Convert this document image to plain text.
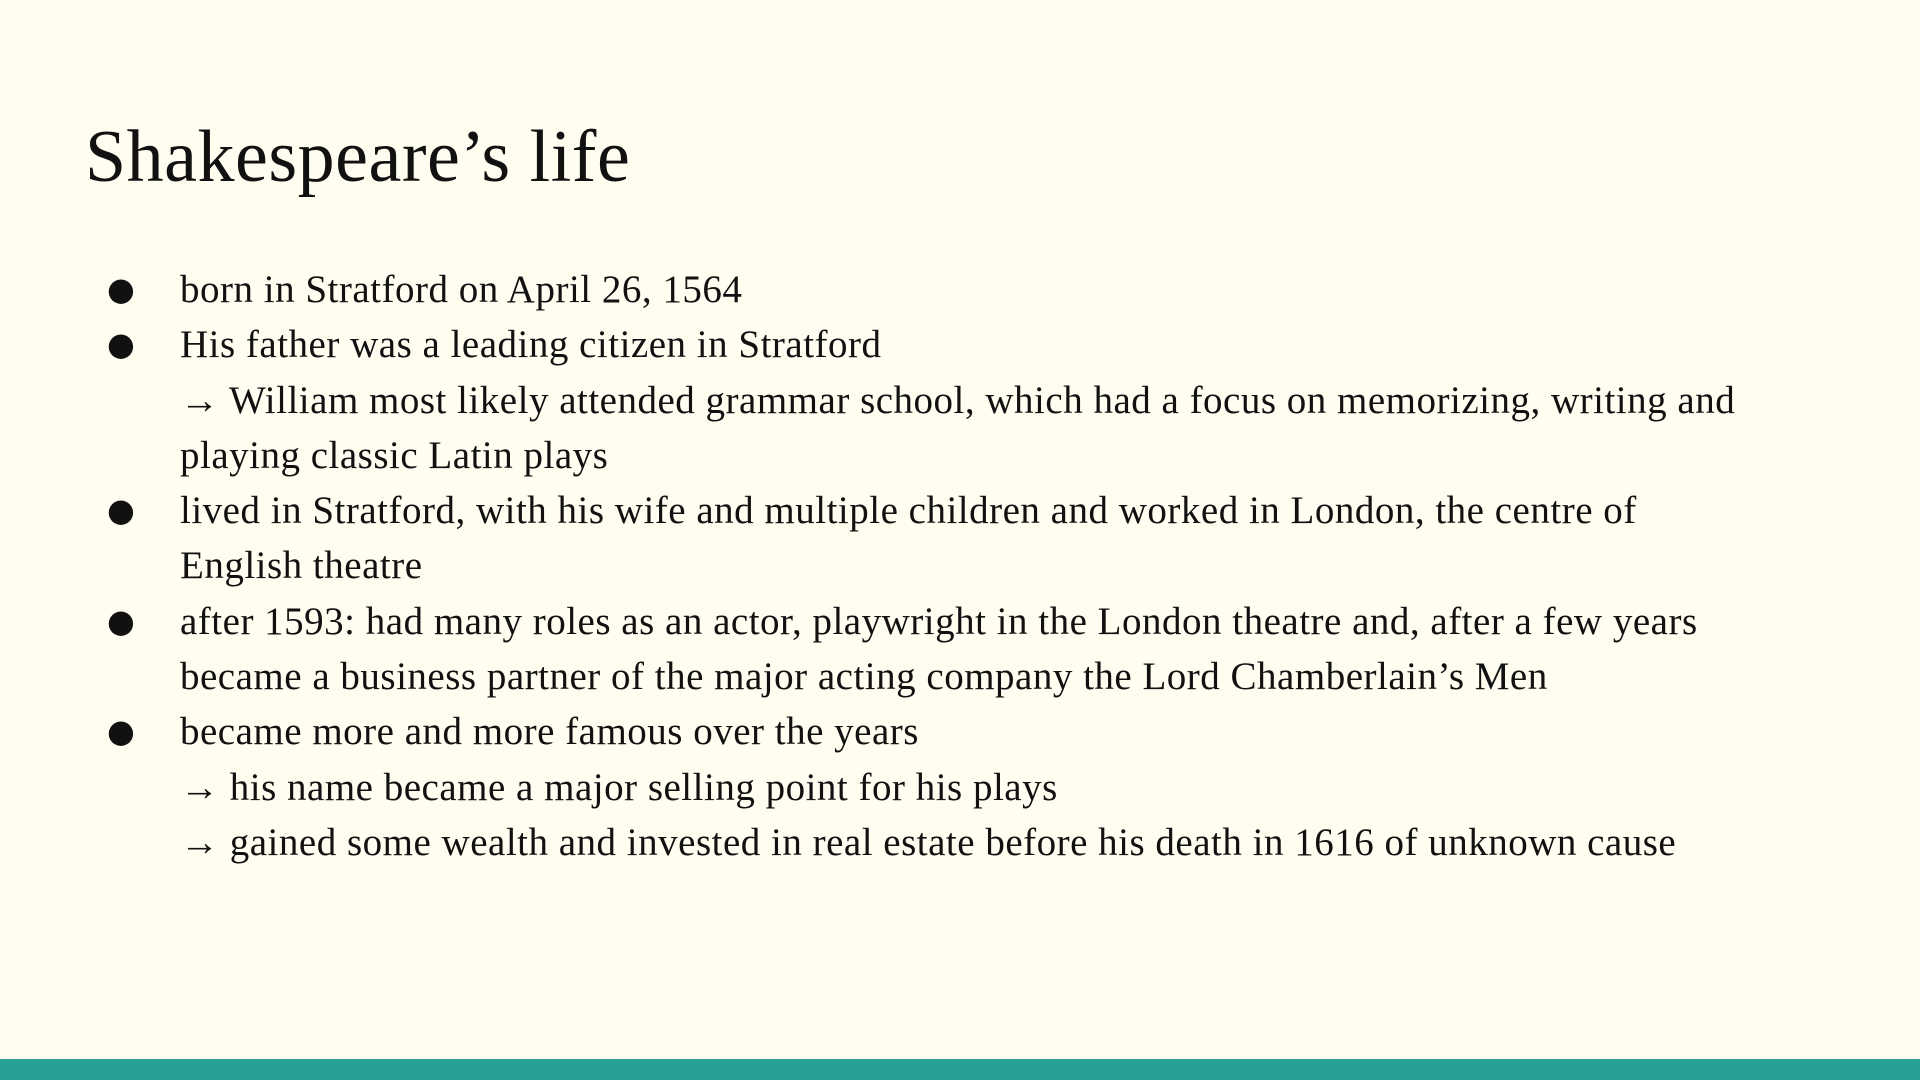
Shakespeare’s life
● born in Stratford on April 26, 1564
● His father was a leading citizen in Stratford
→ William most likely attended grammar school, which had a focus on memorizing, writing and
playing classic Latin plays
● lived in Stratford, with his wife and multiple children and worked in London, the centre of
English theatre
● after 1593: had many roles as an actor, playwright in the London theatre and, after a few years
became a business partner of the major acting company the Lord Chamberlain’s Men
● became more and more famous over the years
→ his name became a major selling point for his plays
→ gained some wealth and invested in real estate before his death in 1616 of unknown cause
